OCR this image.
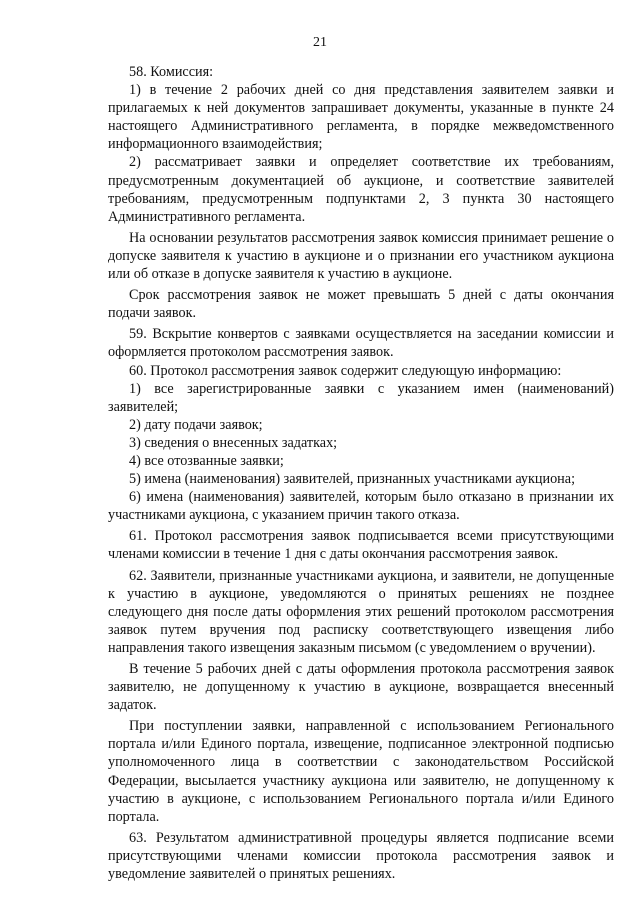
21

58. Комиссия:

1) в течение 2 рабочих дней со дня представления заявителем заявки и прилагаемых к ней документов запрашивает документы, указанные в пункте 24 настоящего Административного регламента, в порядке межведомственного информационного взаимодействия;

2) рассматривает заявки и определяет соответствие их требованиям, предусмотренным документацией об аукционе, и соответствие заявителей требованиям, предусмотренным подпунктами 2, 3 пункта 30 настоящего Административного регламента.

На основании результатов рассмотрения заявок комиссия принимает решение о допуске заявителя к участию в аукционе и о признании его участником аукциона или об отказе в допуске заявителя к участию в аукционе.

Срок рассмотрения заявок не может превышать 5 дней с даты окончания подачи заявок.

59. Вскрытие конвертов с заявками осуществляется на заседании комиссии и оформляется протоколом рассмотрения заявок.

60. Протокол рассмотрения заявок содержит следующую информацию:

1) все зарегистрированные заявки с указанием имен (наименований) заявителей;

2) дату подачи заявок;

3) сведения о внесенных задатках;

4) все отозванные заявки;

5) имена (наименования) заявителей, признанных участниками аукциона;

6) имена (наименования) заявителей, которым было отказано в признании их участниками аукциона, с указанием причин такого отказа.

61. Протокол рассмотрения заявок подписывается всеми присутствующими членами комиссии в течение 1 дня с даты окончания рассмотрения заявок.

62. Заявители, признанные участниками аукциона, и заявители, не допущенные к участию в аукционе, уведомляются о принятых решениях не позднее следующего дня после даты оформления этих решений протоколом рассмотрения заявок путем вручения под расписку соответствующего извещения либо направления такого извещения заказным письмом (с уведомлением о вручении).

В течение 5 рабочих дней с даты оформления протокола рассмотрения заявок заявителю, не допущенному к участию в аукционе, возвращается внесенный задаток.

При поступлении заявки, направленной с использованием Регионального портала и/или Единого портала, извещение, подписанное электронной подписью уполномоченного лица в соответствии с законодательством Российской Федерации, высылается участнику аукциона или заявителю, не допущенному к участию в аукционе, с использованием Регионального портала и/или Единого портала.

63. Результатом административной процедуры является подписание всеми присутствующими членами комиссии протокола рассмотрения заявок и уведомление заявителей о принятых решениях.
